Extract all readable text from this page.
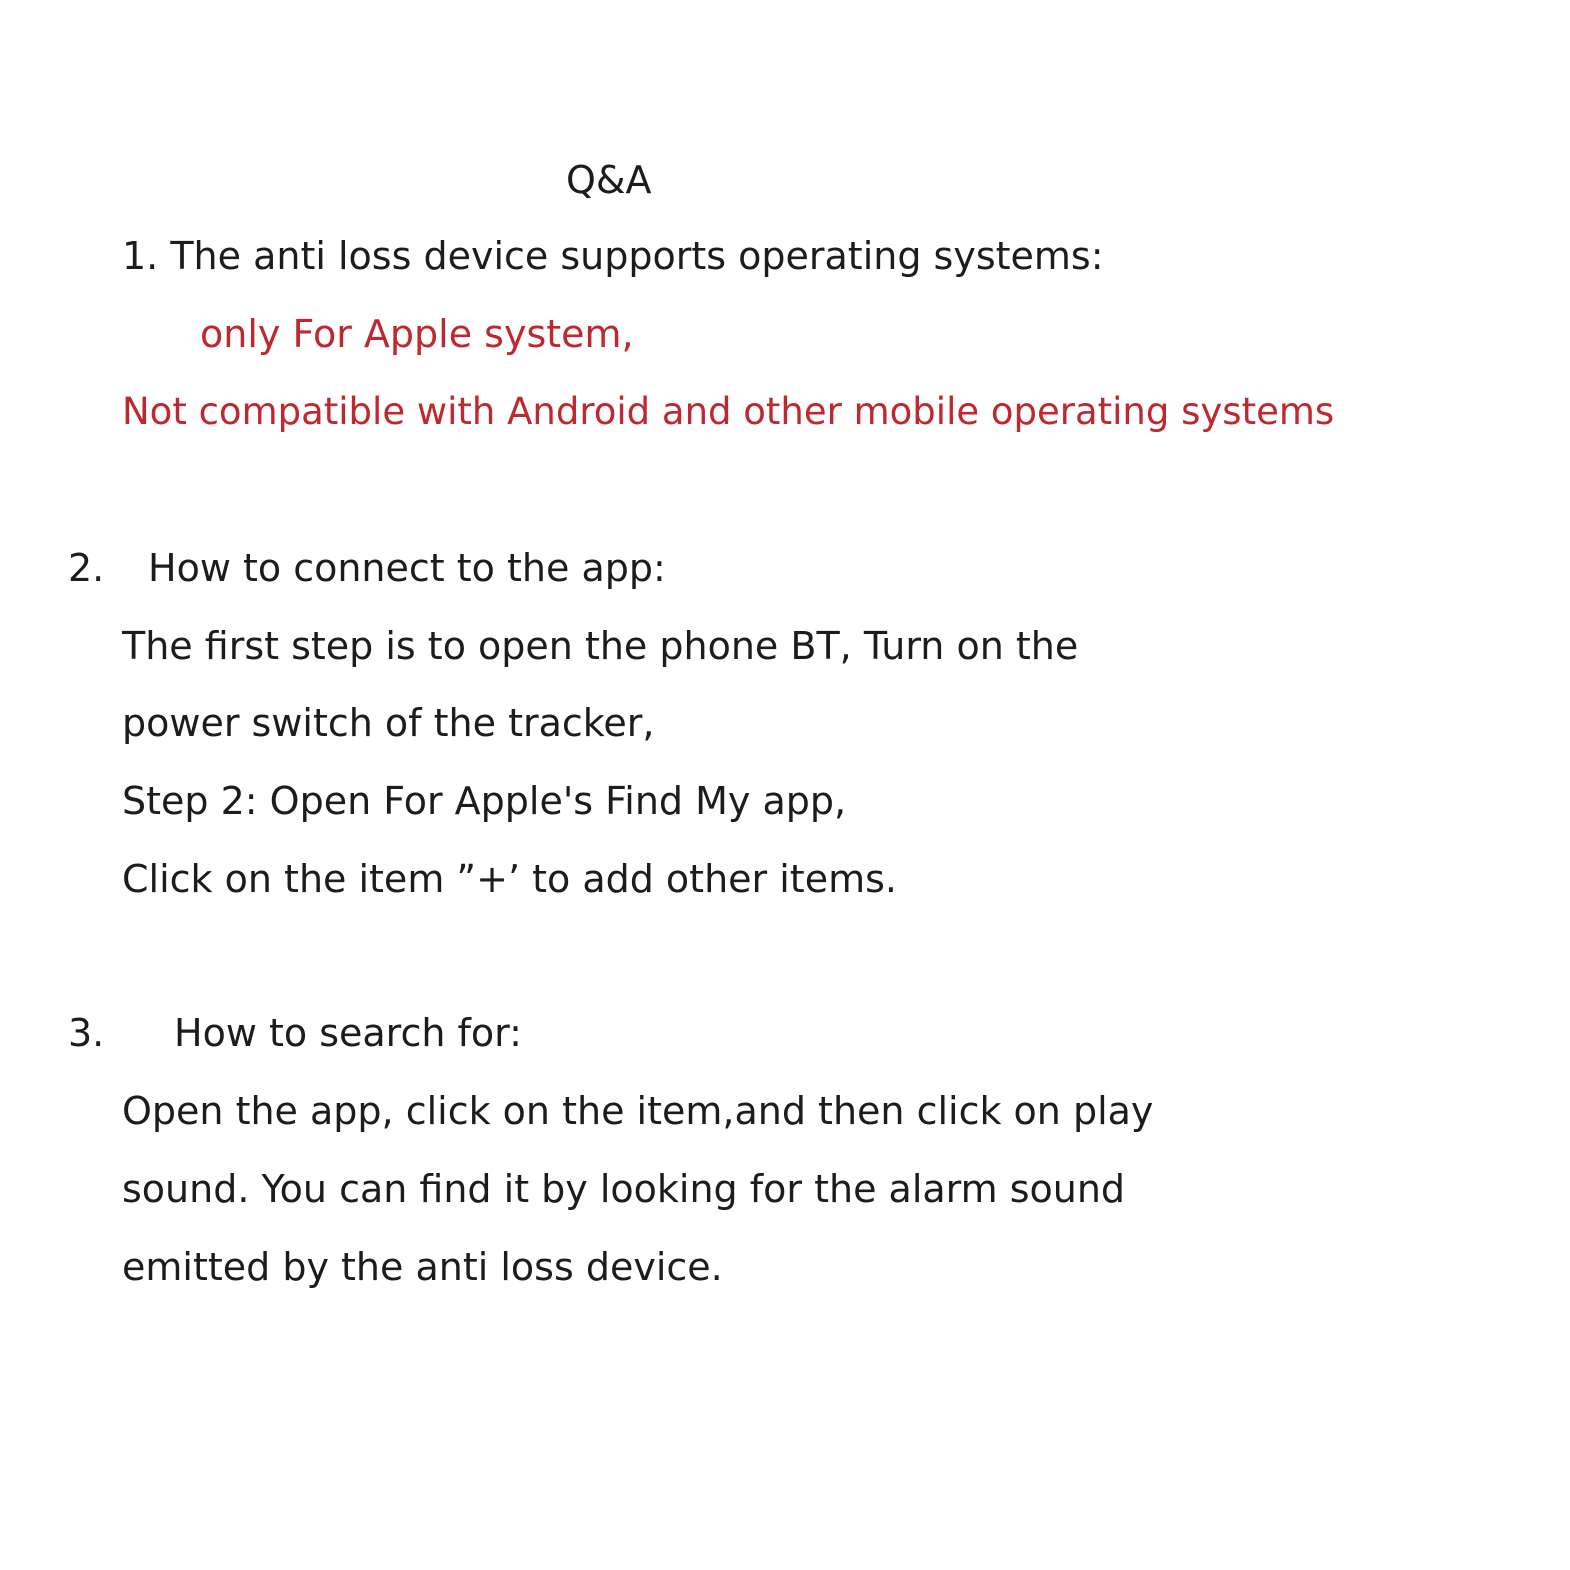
Q&A
1. The anti loss device supports operating systems:
only For Apple system,
Not compatible with Android and other mobile operating systems
2. How to connect to the app:
The first step is to open the phone BT, Turn on the
power switch of the tracker,
Step 2: Open For Apple's Find My app,
Click on the item ”+’ to add other items.
3. How to search for:
Open the app, click on the item,and then click on play
sound. You can find it by looking for the alarm sound
emitted by the anti loss device.
